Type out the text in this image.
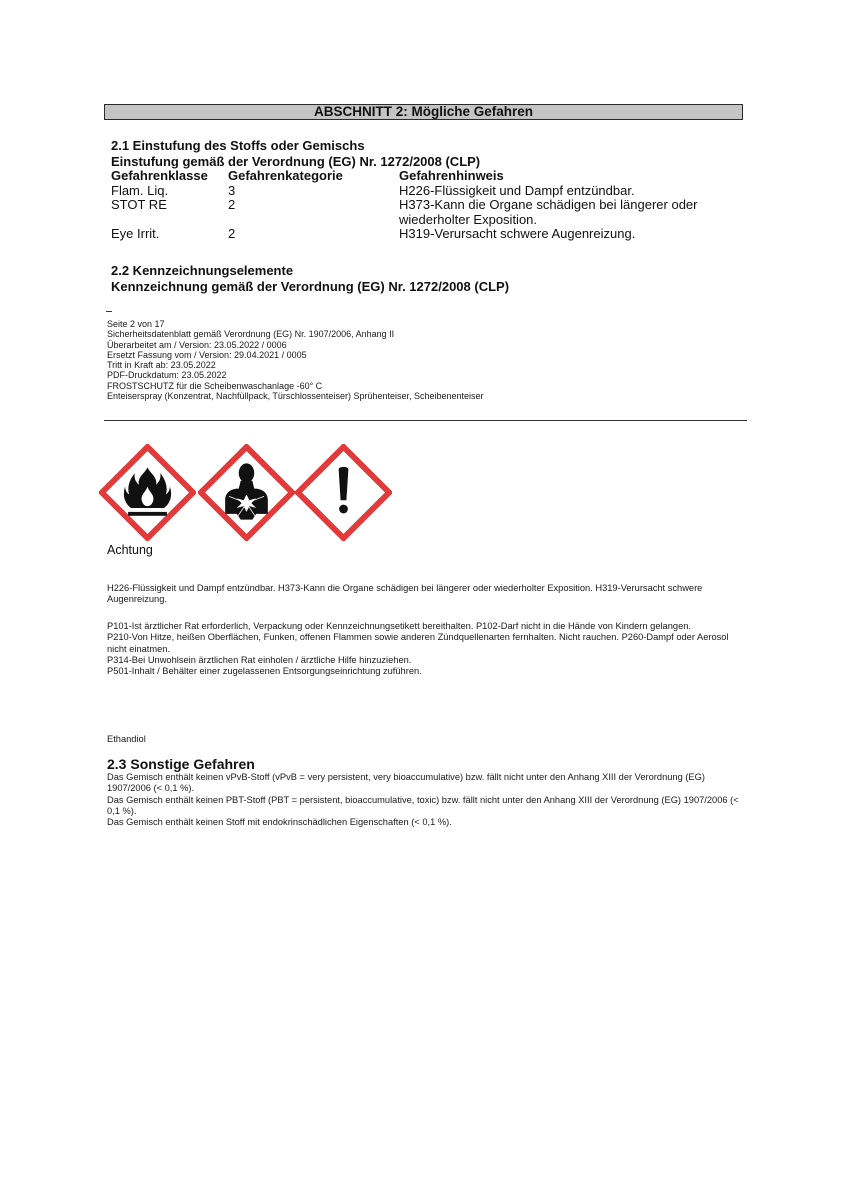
ABSCHNITT 2: Mögliche Gefahren
2.1 Einstufung des Stoffs oder Gemischs
Einstufung gemäß der Verordnung (EG) Nr. 1272/2008 (CLP)
Gefahrenklasse	Gefahrenkategorie	Gefahrenhinweis
Flam. Liq.	3	H226-Flüssigkeit und Dampf entzündbar.
STOT RE	2	H373-Kann die Organe schädigen bei längerer oder wiederholter Exposition.
Eye Irrit.	2	H319-Verursacht schwere Augenreizung.
2.2 Kennzeichnungselemente
Kennzeichnung gemäß der Verordnung (EG) Nr. 1272/2008 (CLP)
Seite 2 von 17
Sicherheitsdatenblatt gemäß Verordnung (EG) Nr. 1907/2006, Anhang II
Überarbeitet am / Version: 23.05.2022 / 0006
Ersetzt Fassung vom / Version: 29.04.2021 / 0005
Tritt in Kraft ab: 23.05.2022
PDF-Druckdatum: 23.05.2022
FROSTSCHUTZ für die Scheibenwaschanlage -60° C
Enteiserspray (Konzentrat, Nachfüllpack, Türschlossenteiser) Sprühenteiser, Scheibenenteiser
Achtung
H226-Flüssigkeit und Dampf entzündbar. H373-Kann die Organe schädigen bei längerer oder wiederholter Exposition. H319-Verursacht schwere Augenreizung.
P101-Ist ärztlicher Rat erforderlich, Verpackung oder Kennzeichnungsetikett bereithalten. P102-Darf nicht in die Hände von Kindern gelangen.
P210-Von Hitze, heißen Oberflächen, Funken, offenen Flammen sowie anderen Zündquellenarten fernhalten. Nicht rauchen. P260-Dampf oder Aerosol nicht einatmen.
P314-Bei Unwohlsein ärztlichen Rat einholen / ärztliche Hilfe hinzuziehen.
P501-Inhalt / Behälter einer zugelassenen Entsorgungseinrichtung zuführen.
Ethandiol
2.3 Sonstige Gefahren
Das Gemisch enthält keinen vPvB-Stoff (vPvB = very persistent, very bioaccumulative) bzw. fällt nicht unter den Anhang XIII der Verordnung (EG) 1907/2006 (< 0,1 %).
Das Gemisch enthält keinen PBT-Stoff (PBT = persistent, bioaccumulative, toxic) bzw. fällt nicht unter den Anhang XIII der Verordnung (EG) 1907/2006 (< 0,1 %).
Das Gemisch enthält keinen Stoff mit endokrinschädlichen Eigenschaften (< 0,1 %).
